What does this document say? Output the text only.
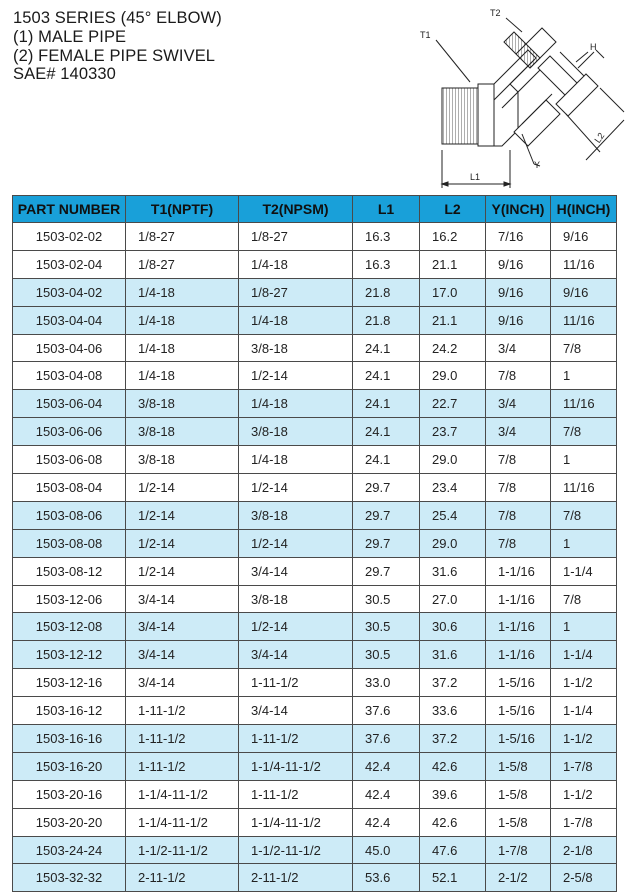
1503 SERIES (45° ELBOW)
(1) MALE PIPE
(2) FEMALE PIPE SWIVEL
SAE# 140330
T1
T2
H
L1
Y
L2
PART NUMBER	T1(NPTF)	T2(NPSM)	L1	L2	Y(INCH)	H(INCH)
1503-02-02	1/8-27	1/8-27	16.3	16.2	7/16	9/16
1503-02-04	1/8-27	1/4-18	16.3	21.1	9/16	11/16
1503-04-02	1/4-18	1/8-27	21.8	17.0	9/16	9/16
1503-04-04	1/4-18	1/4-18	21.8	21.1	9/16	11/16
1503-04-06	1/4-18	3/8-18	24.1	24.2	3/4	7/8
1503-04-08	1/4-18	1/2-14	24.1	29.0	7/8	1
1503-06-04	3/8-18	1/4-18	24.1	22.7	3/4	11/16
1503-06-06	3/8-18	3/8-18	24.1	23.7	3/4	7/8
1503-06-08	3/8-18	1/4-18	24.1	29.0	7/8	1
1503-08-04	1/2-14	1/2-14	29.7	23.4	7/8	11/16
1503-08-06	1/2-14	3/8-18	29.7	25.4	7/8	7/8
1503-08-08	1/2-14	1/2-14	29.7	29.0	7/8	1
1503-08-12	1/2-14	3/4-14	29.7	31.6	1-1/16	1-1/4
1503-12-06	3/4-14	3/8-18	30.5	27.0	1-1/16	7/8
1503-12-08	3/4-14	1/2-14	30.5	30.6	1-1/16	1
1503-12-12	3/4-14	3/4-14	30.5	31.6	1-1/16	1-1/4
1503-12-16	3/4-14	1-11-1/2	33.0	37.2	1-5/16	1-1/2
1503-16-12	1-11-1/2	3/4-14	37.6	33.6	1-5/16	1-1/4
1503-16-16	1-11-1/2	1-11-1/2	37.6	37.2	1-5/16	1-1/2
1503-16-20	1-11-1/2	1-1/4-11-1/2	42.4	42.6	1-5/8	1-7/8
1503-20-16	1-1/4-11-1/2	1-11-1/2	42.4	39.6	1-5/8	1-1/2
1503-20-20	1-1/4-11-1/2	1-1/4-11-1/2	42.4	42.6	1-5/8	1-7/8
1503-24-24	1-1/2-11-1/2	1-1/2-11-1/2	45.0	47.6	1-7/8	2-1/8
1503-32-32	2-11-1/2	2-11-1/2	53.6	52.1	2-1/2	2-5/8
